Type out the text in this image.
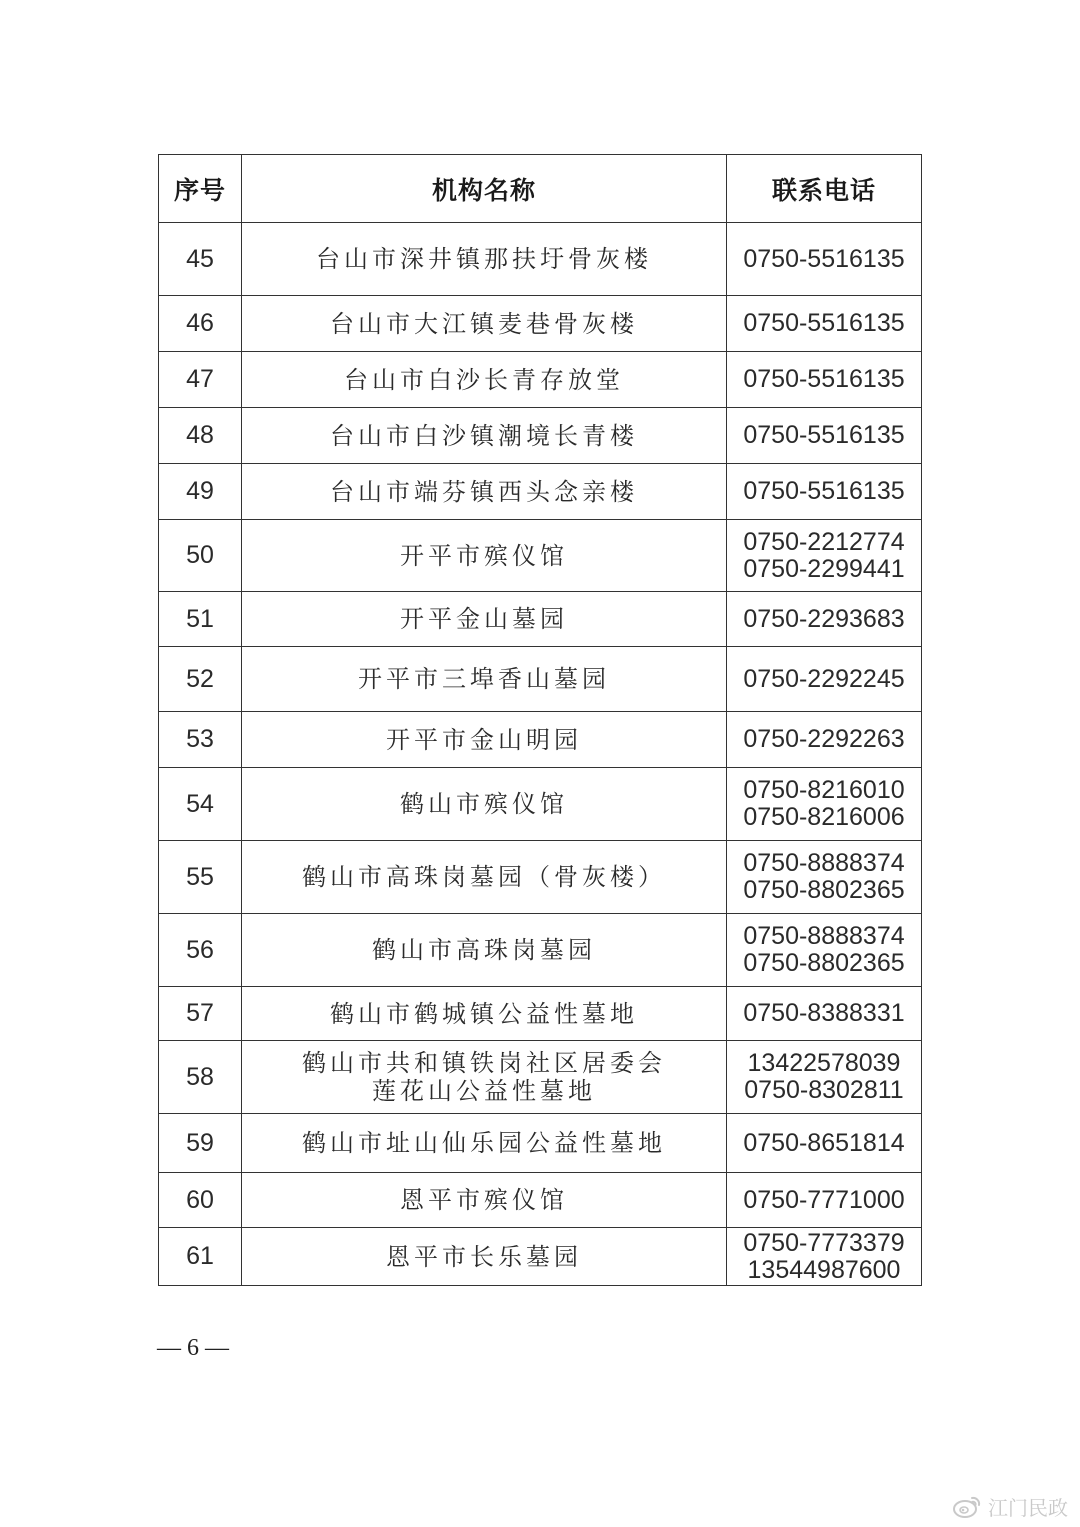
序号	机构名称	联系电话
45	台山市深井镇那扶圩骨灰楼	0750-5516135

46	台山市大江镇麦巷骨灰楼	0750-5516135

47	台山市白沙长青存放堂	0750-5516135

48	台山市白沙镇潮境长青楼	0750-5516135

49	台山市端芬镇西头念亲楼	0750-5516135

50	开平市殡仪馆	0750-2212774
0750-2299441

51	开平金山墓园	0750-2293683

52	开平市三埠香山墓园	0750-2292245

53	开平市金山明园	0750-2292263

54	鹤山市殡仪馆	0750-8216010
0750-8216006

55	鹤山市高珠岗墓园（骨灰楼）	0750-8888374
0750-8802365

56	鹤山市高珠岗墓园	0750-8888374
0750-8802365

57	鹤山市鹤城镇公益性墓地	0750-8388331

58	鹤山市共和镇铁岗社区居委会
莲花山公益性墓地	13422578039
0750-8302811

59	鹤山市址山仙乐园公益性墓地	0750-8651814

60	恩平市殡仪馆	0750-7771000

61	恩平市长乐墓园	0750-7773379
13544987600
— 6 —
江门民政
